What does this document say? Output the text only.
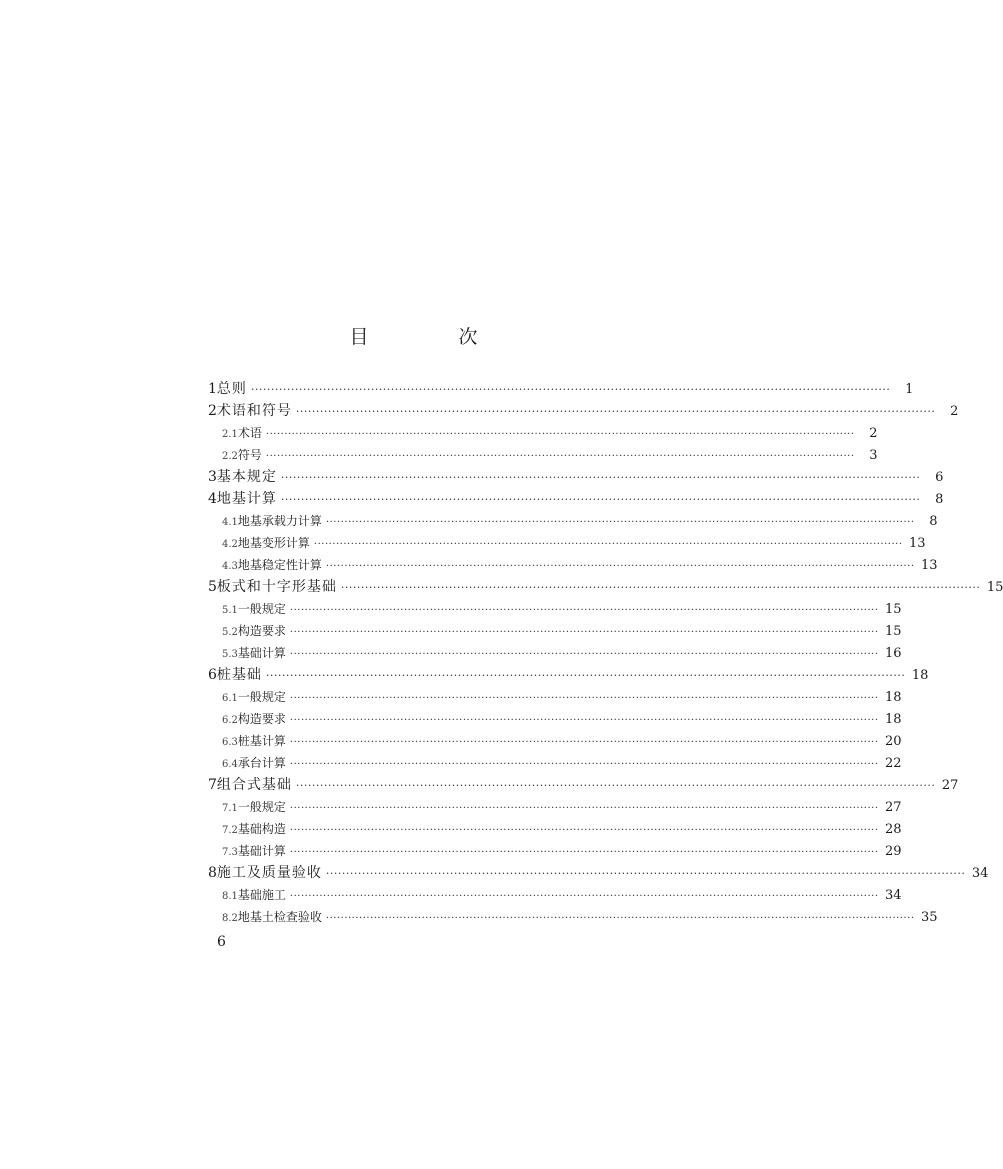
目 次
1 总则 ································································································································································	1
2 术语和符号 ································································································································································	2
2.1 术语 ································································································································································	2
2.2 符号 ································································································································································	3
3 基本规定 ································································································································································	6
4 地基计算 ································································································································································	8
4.1 地基承载力计算 ································································································································································	8
4.2 地基变形计算 ································································································································································ 13
4.3 地基稳定性计算 ································································································································································ 13
5 板式和十字形基础 ································································································································································ 15
5.1 一般规定 ································································································································································ 15
5.2 构造要求 ································································································································································ 15
5.3 基础计算 ································································································································································ 16
6 桩基础 ································································································································································ 18
6.1 一般规定 ································································································································································ 18
6.2 构造要求 ································································································································································ 18
6.3 桩基计算 ································································································································································ 20
6.4 承台计算 ································································································································································ 22
7 组合式基础 ································································································································································ 27
7.1 一般规定 ································································································································································ 27
7.2 基础构造 ································································································································································ 28
7.3 基础计算 ································································································································································ 29
8 施工及质量验收 ································································································································································ 34
8.1 基础施工 ································································································································································ 34
8.2 地基土检查验收 ································································································································································ 35
6
